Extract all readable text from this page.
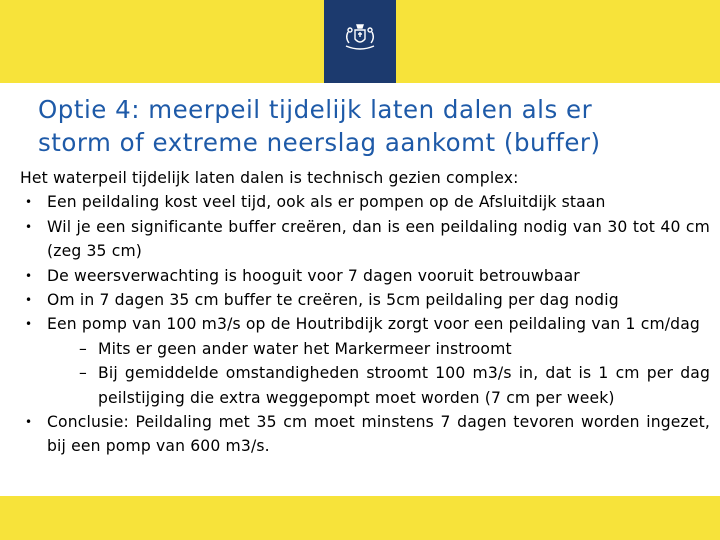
Optie 4: meerpeil tijdelijk laten dalen als er
storm of extreme neerslag aankomt (buffer)

Het waterpeil tijdelijk laten dalen is technisch gezien complex:

• Een peildaling kost veel tijd, ook als er pompen op de Afsluitdijk staan
• Wil je een significante buffer creëren, dan is een peildaling nodig van 30 tot 40 cm (zeg 35 cm)
• De weersverwachting is hooguit voor 7 dagen vooruit betrouwbaar
• Om in 7 dagen 35 cm buffer te creëren, is 5cm peildaling per dag nodig
• Een pomp van 100 m3/s op de Houtribdijk zorgt voor een peildaling van 1 cm/dag
– Mits er geen ander water het Markermeer instroomt
– Bij gemiddelde omstandigheden stroomt 100 m3/s in, dat is 1 cm per dag peilstijging die extra weggepompt moet worden (7 cm per week)
• Conclusie: Peildaling met 35 cm moet minstens 7 dagen tevoren worden ingezet, bij een pomp van 600 m3/s.
